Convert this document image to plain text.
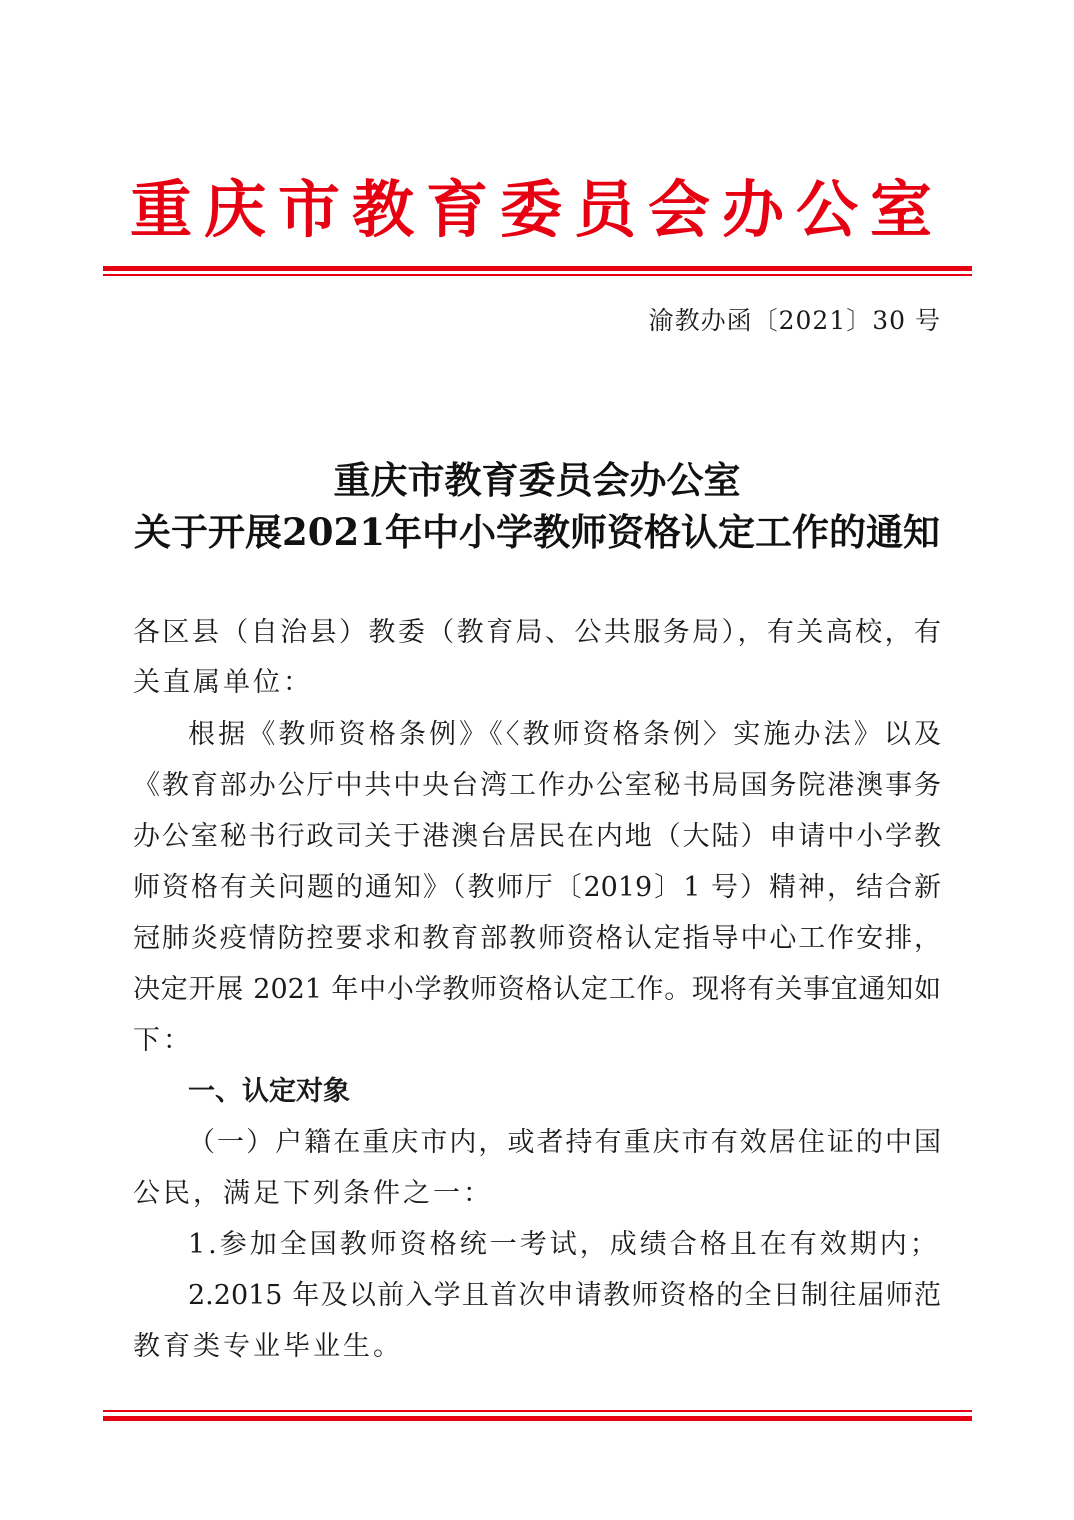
重庆市教育委员会办公室
渝教办函〔2021〕30 号
重庆市教育委员会办公室
关于开展2021年中小学教师资格认定工作的通知
各区县（自治县）教委（教育局、公共服务局），有关高校，有
关直属单位：
根据《教师资格条例》《〈教师资格条例〉实施办法》以及
《教育部办公厅中共中央台湾工作办公室秘书局国务院港澳事务
办公室秘书行政司关于港澳台居民在内地（大陆）申请中小学教
师资格有关问题的通知》（教师厅〔2019〕1 号）精神，结合新
冠肺炎疫情防控要求和教育部教师资格认定指导中心工作安排，
决定开展 2021 年中小学教师资格认定工作。现将有关事宜通知如
下：
一、认定对象
（一）户籍在重庆市内，或者持有重庆市有效居住证的中国
公民，满足下列条件之一：
1.参加全国教师资格统一考试，成绩合格且在有效期内；
2.2015 年及以前入学且首次申请教师资格的全日制往届师范
教育类专业毕业生。
